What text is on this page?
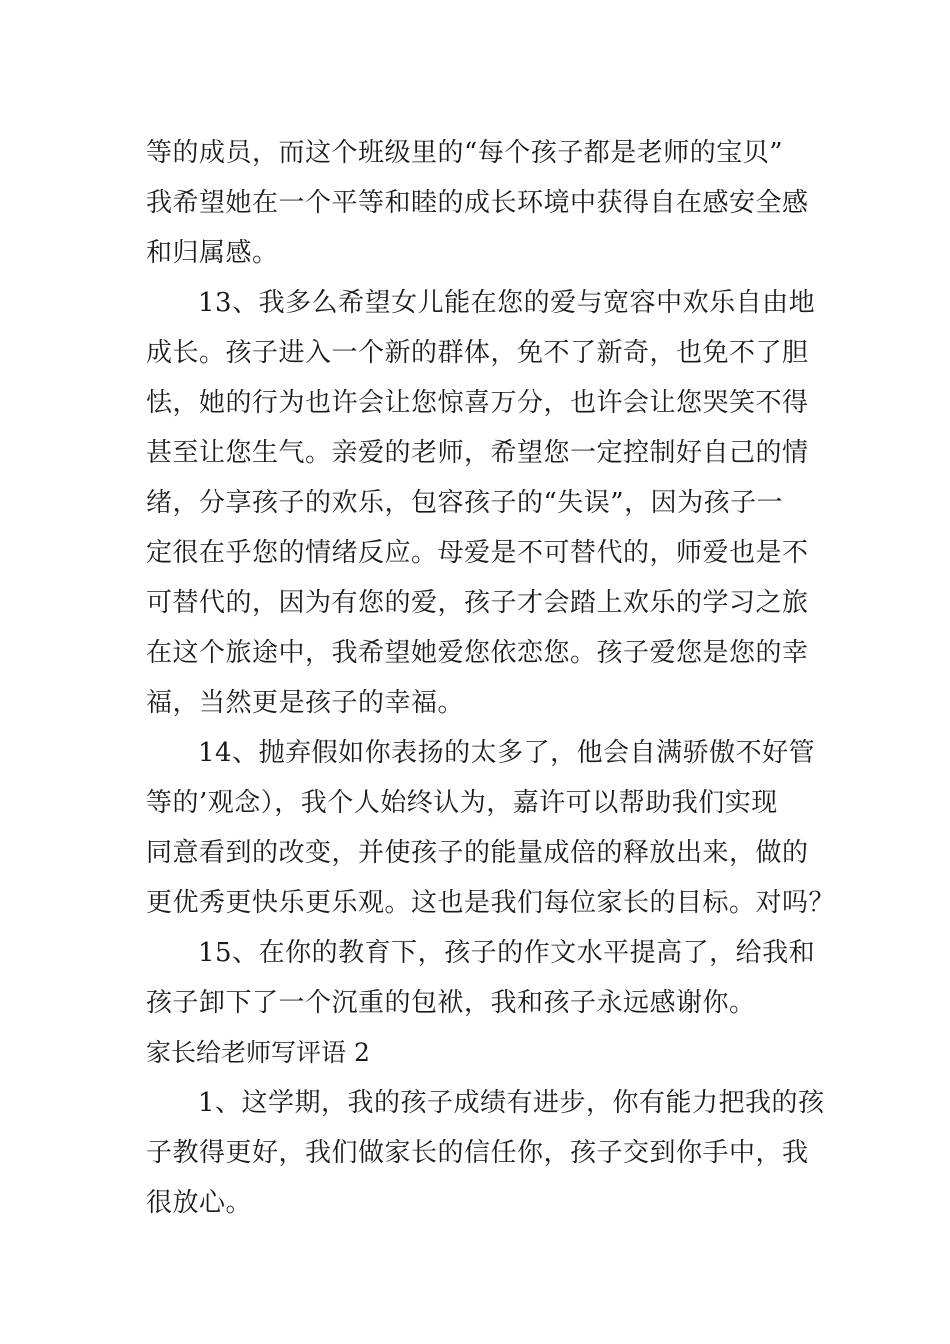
等的成员，而这个班级里的“每个孩子都是老师的宝贝”
我希望她在一个平等和睦的成长环境中获得自在感安全感
和归属感。
13、我多么希望女儿能在您的爱与宽容中欢乐自由地
成长。孩子进入一个新的群体，免不了新奇，也免不了胆
怯，她的行为也许会让您惊喜万分，也许会让您哭笑不得
甚至让您生气。亲爱的老师，希望您一定控制好自己的情
绪，分享孩子的欢乐，包容孩子的“失误”，因为孩子一
定很在乎您的情绪反应。母爱是不可替代的，师爱也是不
可替代的，因为有您的爱，孩子才会踏上欢乐的学习之旅
在这个旅途中，我希望她爱您依恋您。孩子爱您是您的幸
福，当然更是孩子的幸福。
14、抛弃假如你表扬的太多了，他会自满骄傲不好管
等的’观念），我个人始终认为，嘉许可以帮助我们实现
同意看到的改变，并使孩子的能量成倍的释放出来，做的
更优秀更快乐更乐观。这也是我们每位家长的目标。对吗？
15、在你的教育下，孩子的作文水平提高了，给我和
孩子卸下了一个沉重的包袱，我和孩子永远感谢你。
家长给老师写评语 2
1、这学期，我的孩子成绩有进步，你有能力把我的孩
子教得更好，我们做家长的信任你，孩子交到你手中，我
很放心。
